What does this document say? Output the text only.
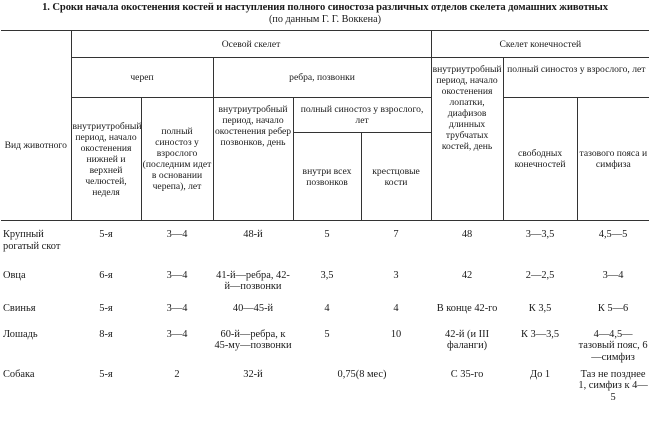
1. Сроки начала окостенения костей и наступления полного синостоза различных отделов скелета домашних животных
(по данным Г. Г. Воккена)
Вид животного	Осевой скелет					Скелет конечностей		
	череп		ребра, позвонки			внутриутробный период, начало окостенения лопатки, диафизов длинных трубчатых костей, день	полный синостоз у взрослого, лет	
	внутриутробный период, начало окостенения нижней и верхней челюстей, неделя	полный синостоз у взрослого (последним идет в основании черепа), лет	внутриутробный период, начало окостенения ребер позвонков, день	полный синостоз у взрослого, лет			свободных конечностей	тазового пояса и симфиза
				внутри всех позвонков	крестцовые кости			
Крупный рогатый скот	5-я	3—4	48-й	5	7	48	3—3,5	4,5—5
Овца	6-я	3—4	41-й—ребра, 42-й—позвонки	3,5	3	42	2—2,5	3—4
Свинья	5-я	3—4	40—45-й	4	4	В конце 42-го	К 3,5	К 5—6
Лошадь	8-я	3—4	60-й—ребра, к 45-му—позвонки	5	10	42-й (и III фаланги)	К 3—3,5	4—4,5—тазовый пояс, 6—симфиз
Собака	5-я	2	32-й	0,75(8 мес)		С 35-го	До 1	Таз не позднее 1, симфиз к 4—5
